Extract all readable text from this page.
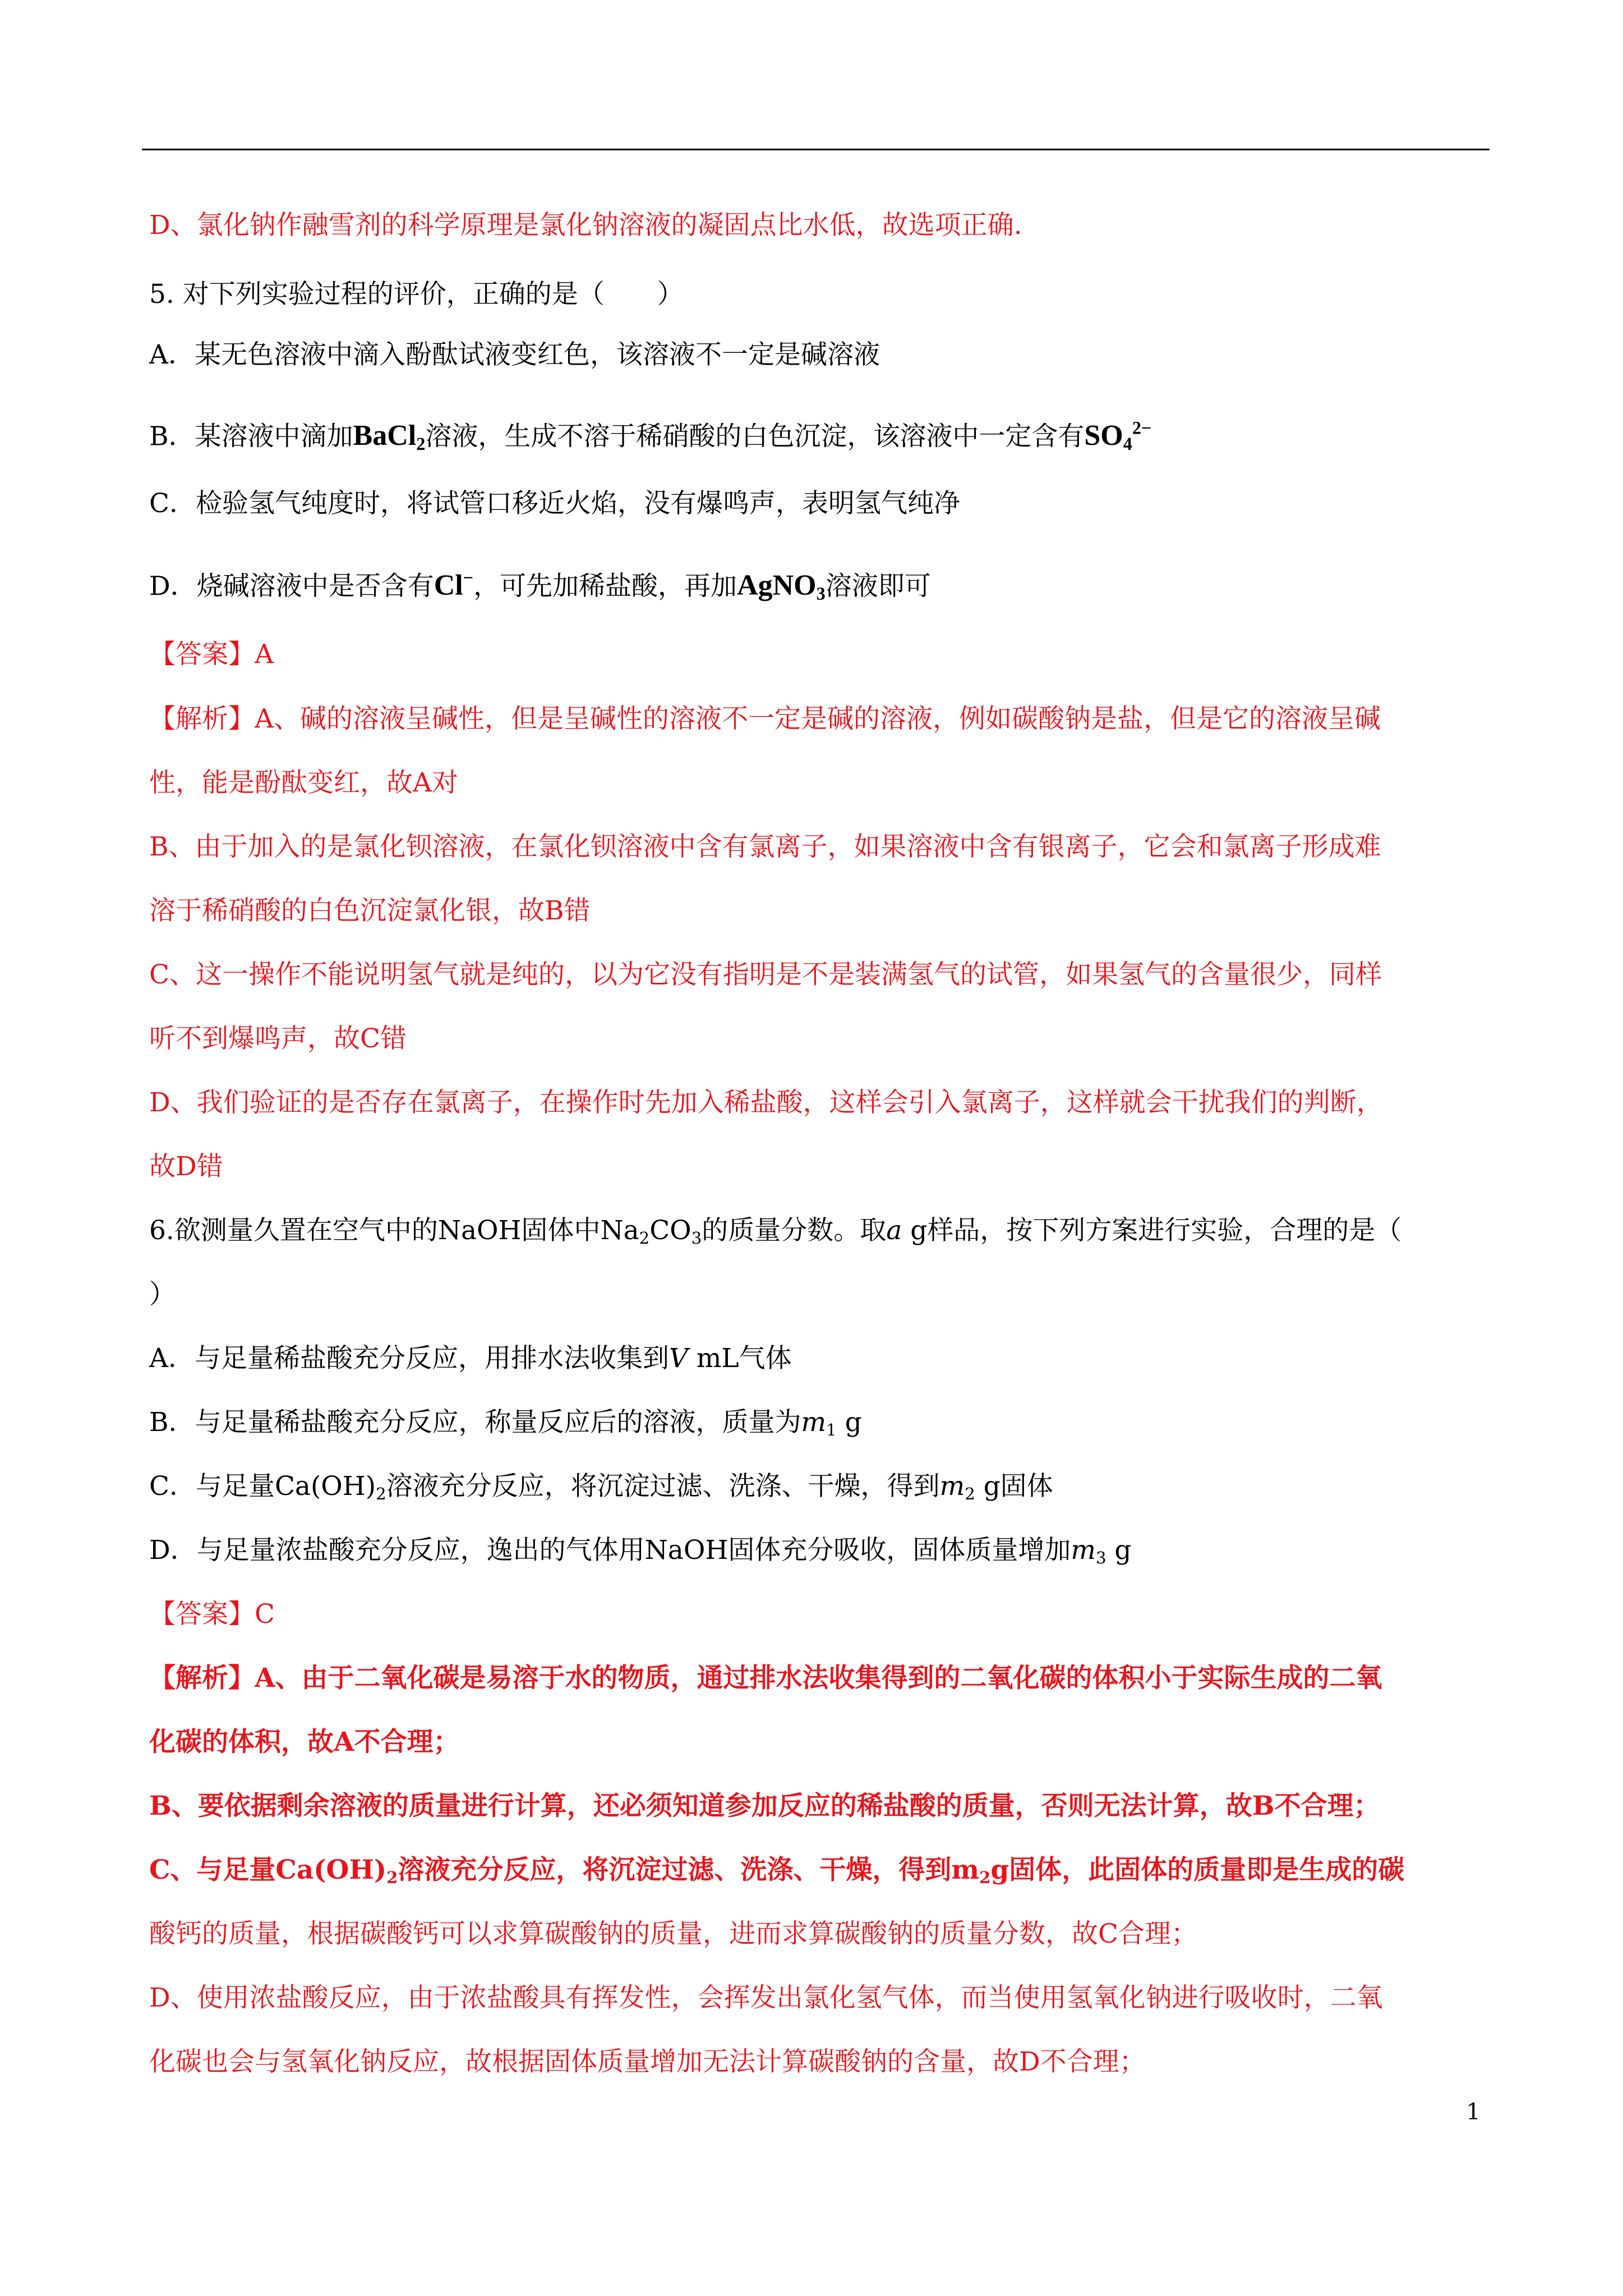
D、氯化钠作融雪剂的科学原理是氯化钠溶液的凝固点比水低，故选项正确.
5. 对下列实验过程的评价，正确的是（　　）
A．某无色溶液中滴入酚酞试液变红色，该溶液不一定是碱溶液
B．某溶液中滴加BaCl$_2$溶液，生成不溶于稀硝酸的白色沉淀，该溶液中一定含有$SO_4^{2-}$
C．检验氢气纯度时，将试管口移近火焰，没有爆鸣声，表明氢气纯净
D．烧碱溶液中是否含有Cl−，可先加稀盐酸，再加AgNO$_3$溶液即可
【答案】A
【解析】A、碱的溶液呈碱性，但是呈碱性的溶液不一定是碱的溶液，例如碳酸钠是盐，但是它的溶液呈碱
性，能是酚酞变红，故A对
B、由于加入的是氯化钡溶液，在氯化钡溶液中含有氯离子，如果溶液中含有银离子，它会和氯离子形成难
溶于稀硝酸的白色沉淀氯化银，故B错
C、这一操作不能说明氢气就是纯的，以为它没有指明是不是装满氢气的试管，如果氢气的含量很少，同样
听不到爆鸣声，故C错
D、我们验证的是否存在氯离子，在操作时先加入稀盐酸，这样会引入氯离子，这样就会干扰我们的判断，
故D错
6.欲测量久置在空气中的NaOH固体中$Na_2CO_3$的质量分数。取a g样品，按下列方案进行实验，合理的是（
）
A．与足量稀盐酸充分反应，用排水法收集到V mL气体
B．与足量稀盐酸充分反应，称量反应后的溶液，质量为$m_1$ g
C．与足量$Ca(OH)_2$溶液充分反应，将沉淀过滤、洗涤、干燥，得到$m_2$ g固体
D．与足量浓盐酸充分反应，逸出的气体用NaOH固体充分吸收，固体质量增加$m_3$ g
【答案】C
【解析】A、由于二氧化碳是易溶于水的物质，通过排水法收集得到的二氧化碳的体积小于实际生成的二氧
化碳的体积，故A不合理；
B、要依据剩余溶液的质量进行计算，还必须知道参加反应的稀盐酸的质量，否则无法计算，故B不合理；
C、与足量$Ca(OH)_2$溶液充分反应，将沉淀过滤、洗涤、干燥，得到$m_2g$固体，此固体的质量即是生成的碳
酸钙的质量，根据碳酸钙可以求算碳酸钠的质量，进而求算碳酸钠的质量分数，故C合理；
D、使用浓盐酸反应，由于浓盐酸具有挥发性，会挥发出氯化氢气体，而当使用氢氧化钠进行吸收时，二氧
化碳也会与氢氧化钠反应，故根据固体质量增加无法计算碳酸钠的含量，故D不合理；
1
